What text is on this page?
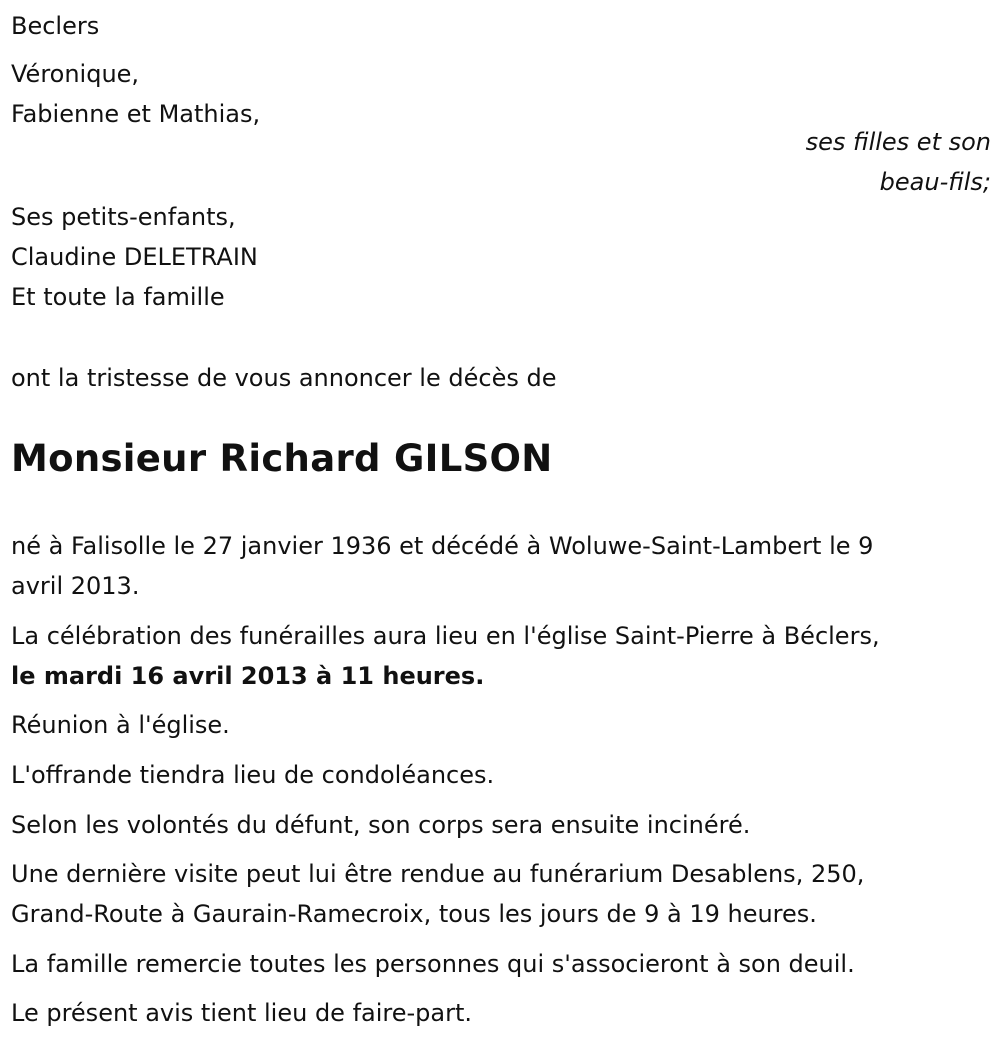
Beclers
Véronique,
Fabienne et Mathias,
ses filles et son
beau-fils;
Ses petits-enfants,
Claudine DELETRAIN
Et toute la famille
ont la tristesse de vous annoncer le décès de
Monsieur Richard GILSON
né à Falisolle le 27 janvier 1936 et décédé à Woluwe-Saint-Lambert le 9
avril 2013.
La célébration des funérailles aura lieu en l'église Saint-Pierre à Béclers,
le mardi 16 avril 2013 à 11 heures.
Réunion à l'église.
L'offrande tiendra lieu de condoléances.
Selon les volontés du défunt, son corps sera ensuite incinéré.
Une dernière visite peut lui être rendue au funérarium Desablens, 250,
Grand-Route à Gaurain-Ramecroix, tous les jours de 9 à 19 heures.
La famille remercie toutes les personnes qui s'associeront à son deuil.
Le présent avis tient lieu de faire-part.
